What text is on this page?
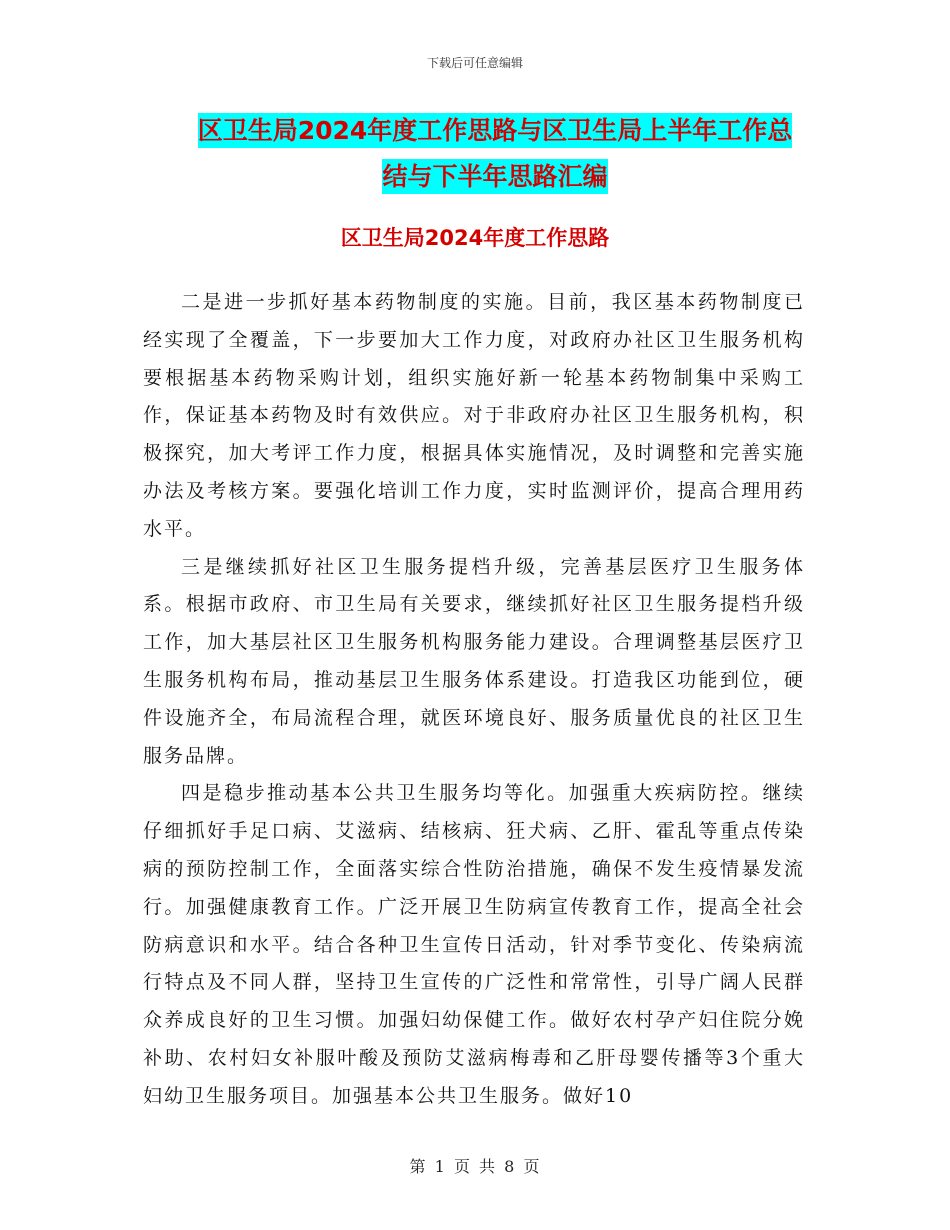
下载后可任意编辑
区卫生局2024年度工作思路与区卫生局上半年工作总
结与下半年思路汇编
区卫生局2024年度工作思路

二是进一步抓好基本药物制度的实施。目前，我区基本药物制度已经实现了全覆盖，下一步要加大工作力度，对政府办社区卫生服务机构要根据基本药物采购计划，组织实施好新一轮基本药物制集中采购工作，保证基本药物及时有效供应。对于非政府办社区卫生服务机构，积极探究，加大考评工作力度，根据具体实施情况，及时调整和完善实施办法及考核方案。要强化培训工作力度，实时监测评价，提高合理用药水平。

三是继续抓好社区卫生服务提档升级，完善基层医疗卫生服务体系。根据市政府、市卫生局有关要求，继续抓好社区卫生服务提档升级工作，加大基层社区卫生服务机构服务能力建设。合理调整基层医疗卫生服务机构布局，推动基层卫生服务体系建设。打造我区功能到位，硬件设施齐全，布局流程合理，就医环境良好、服务质量优良的社区卫生服务品牌。

四是稳步推动基本公共卫生服务均等化。加强重大疾病防控。继续仔细抓好手足口病、艾滋病、结核病、狂犬病、乙肝、霍乱等重点传染病的预防控制工作，全面落实综合性防治措施，确保不发生疫情暴发流行。加强健康教育工作。广泛开展卫生防病宣传教育工作，提高全社会防病意识和水平。结合各种卫生宣传日活动，针对季节变化、传染病流行特点及不同人群，坚持卫生宣传的广泛性和常常性，引导广阔人民群众养成良好的卫生习惯。加强妇幼保健工作。做好农村孕产妇住院分娩补助、农村妇女补服叶酸及预防艾滋病梅毒和乙肝母婴传播等3个重大妇幼卫生服务项目。加强基本公共卫生服务。做好10

第 1 页 共 8 页
